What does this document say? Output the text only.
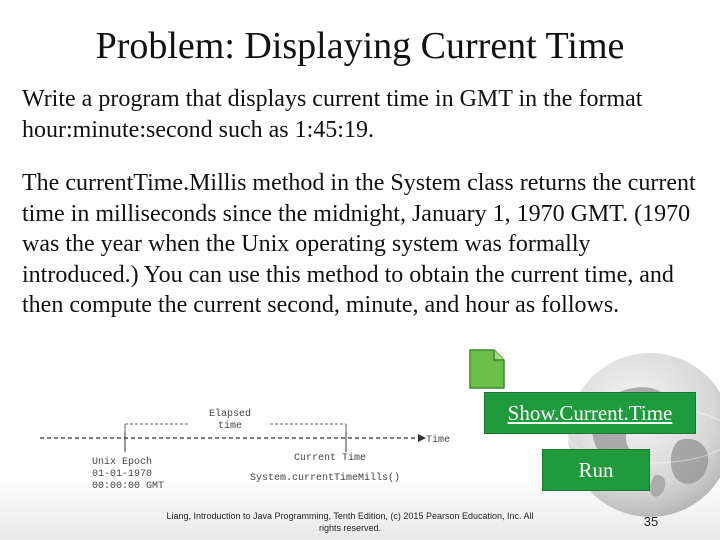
Problem: Displaying Current Time

Write a program that displays current time in GMT in the format hour:minute:second such as 1:45:19.

The currentTime.Millis method in the System class returns the current time in milliseconds since the midnight, January 1, 1970 GMT. (1970 was the year when the Unix operating system was formally introduced.) You can use this method to obtain the current time, and then compute the current second, minute, and hour as follows.

Show.Current.Time
Run
Elapsed
time
Time
Unix Epoch
01-01-1970
00:00:00 GMT
Current Time
System.currentTimeMills()
Liang, Introduction to Java Programming, Tenth Edition, (c) 2015 Pearson Education, Inc. All
rights reserved.	35
